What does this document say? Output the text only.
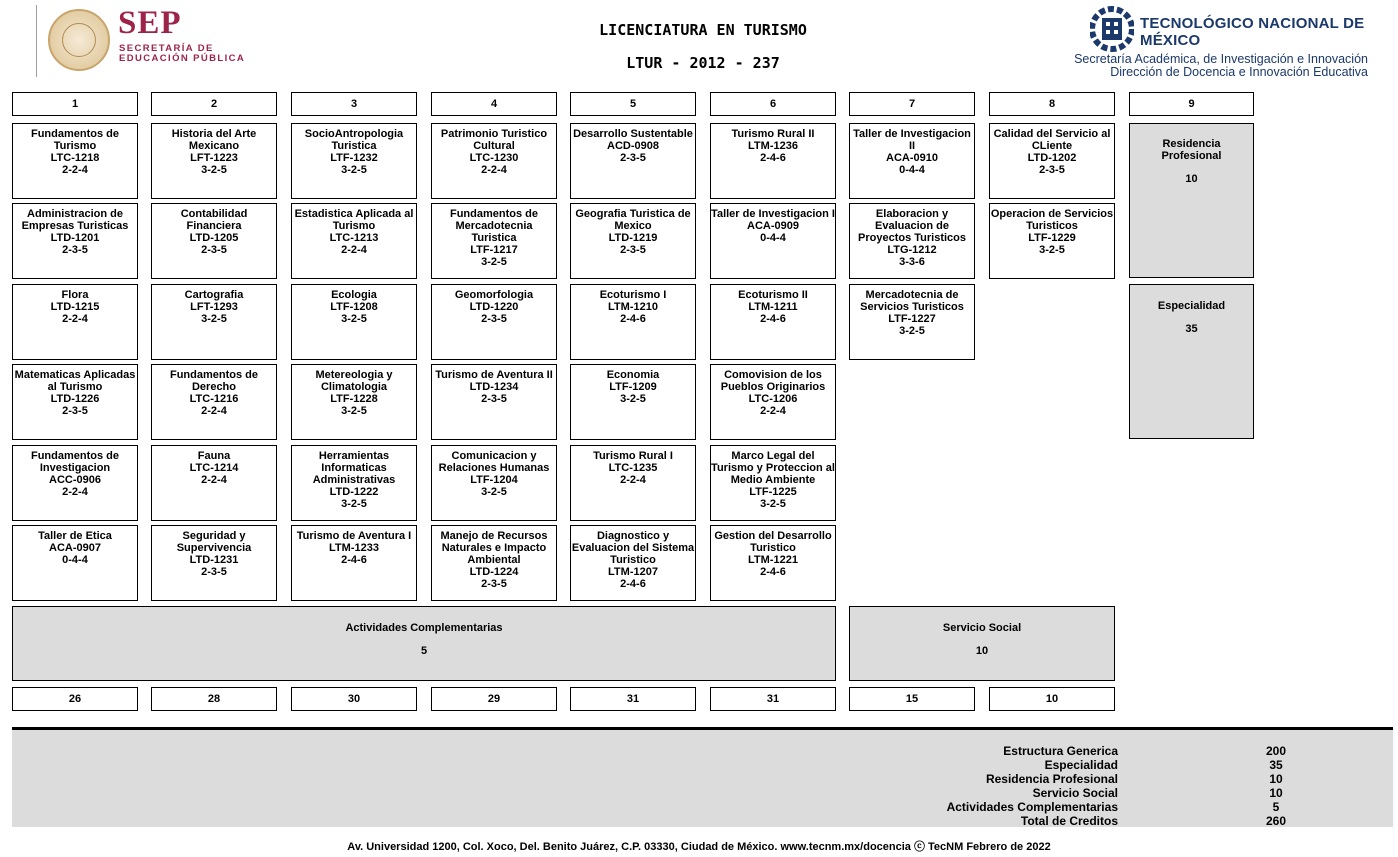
SEP
SECRETARÍA DE
EDUCACIÓN PÚBLICA
LICENCIATURA EN TURISMO
LTUR - 2012 - 237
TECNOLÓGICO NACIONAL DE MÉXICO
Secretaría Académica, de Investigación e Innovación
Dirección de Docencia e Innovación Educativa
1	2	3	4	5	6	7	8	9
Fundamentos de Turismo
LTC-1218
2-2-4
Historia del Arte Mexicano
LFT-1223
3-2-5
SocioAntropologia Turistica
LTF-1232
3-2-5
Patrimonio Turistico Cultural
LTC-1230
2-2-4
Desarrollo Sustentable
ACD-0908
2-3-5
Turismo Rural II
LTM-1236
2-4-6
Taller de Investigacion II
ACA-0910
0-4-4
Calidad del Servicio al CLiente
LTD-1202
2-3-5
Administracion de Empresas Turisticas
LTD-1201
2-3-5
Contabilidad Financiera
LTD-1205
2-3-5
Estadistica Aplicada al Turismo
LTC-1213
2-2-4
Fundamentos de Mercadotecnia Turistica
LTF-1217
3-2-5
Geografia Turistica de Mexico
LTD-1219
2-3-5
Taller de Investigacion I
ACA-0909
0-4-4
Elaboracion y Evaluacion de Proyectos Turisticos
LTG-1212
3-3-6
Operacion de Servicios Turisticos
LTF-1229
3-2-5
Flora
LTD-1215
2-2-4
Cartografia
LFT-1293
3-2-5
Ecologia
LTF-1208
3-2-5
Geomorfologia
LTD-1220
2-3-5
Ecoturismo I
LTM-1210
2-4-6
Ecoturismo II
LTM-1211
2-4-6
Mercadotecnia de Servicios Turisticos
LTF-1227
3-2-5
Matematicas Aplicadas al Turismo
LTD-1226
2-3-5
Fundamentos de Derecho
LTC-1216
2-2-4
Metereologia y Climatologia
LTF-1228
3-2-5
Turismo de Aventura II
LTD-1234
2-3-5
Economia
LTF-1209
3-2-5
Comovision de los Pueblos Originarios
LTC-1206
2-2-4
Fundamentos de Investigacion
ACC-0906
2-2-4
Fauna
LTC-1214
2-2-4
Herramientas Informaticas Administrativas
LTD-1222
3-2-5
Comunicacion y Relaciones Humanas
LTF-1204
3-2-5
Turismo Rural I
LTC-1235
2-2-4
Marco Legal del Turismo y Proteccion al Medio Ambiente
LTF-1225
3-2-5
Taller de Etica
ACA-0907
0-4-4
Seguridad y Supervivencia
LTD-1231
2-3-5
Turismo de Aventura I
LTM-1233
2-4-6
Manejo de Recursos Naturales e Impacto Ambiental
LTD-1224
2-3-5
Diagnostico y Evaluacion del Sistema Turistico
LTM-1207
2-4-6
Gestion del Desarrollo Turistico
LTM-1221
2-4-6
Residencia Profesional
10
Especialidad
35
Actividades Complementarias
5
Servicio Social
10
26	28	30	29	31	31	15	10
Estructura Generica	200
Especialidad	35
Residencia Profesional	10
Servicio Social	10
Actividades Complementarias	5
Total de Creditos	260
Av. Universidad 1200, Col. Xoco, Del. Benito Juárez, C.P. 03330, Ciudad de México. www.tecnm.mx/docencia ⓒ TecNM Febrero de 2022
